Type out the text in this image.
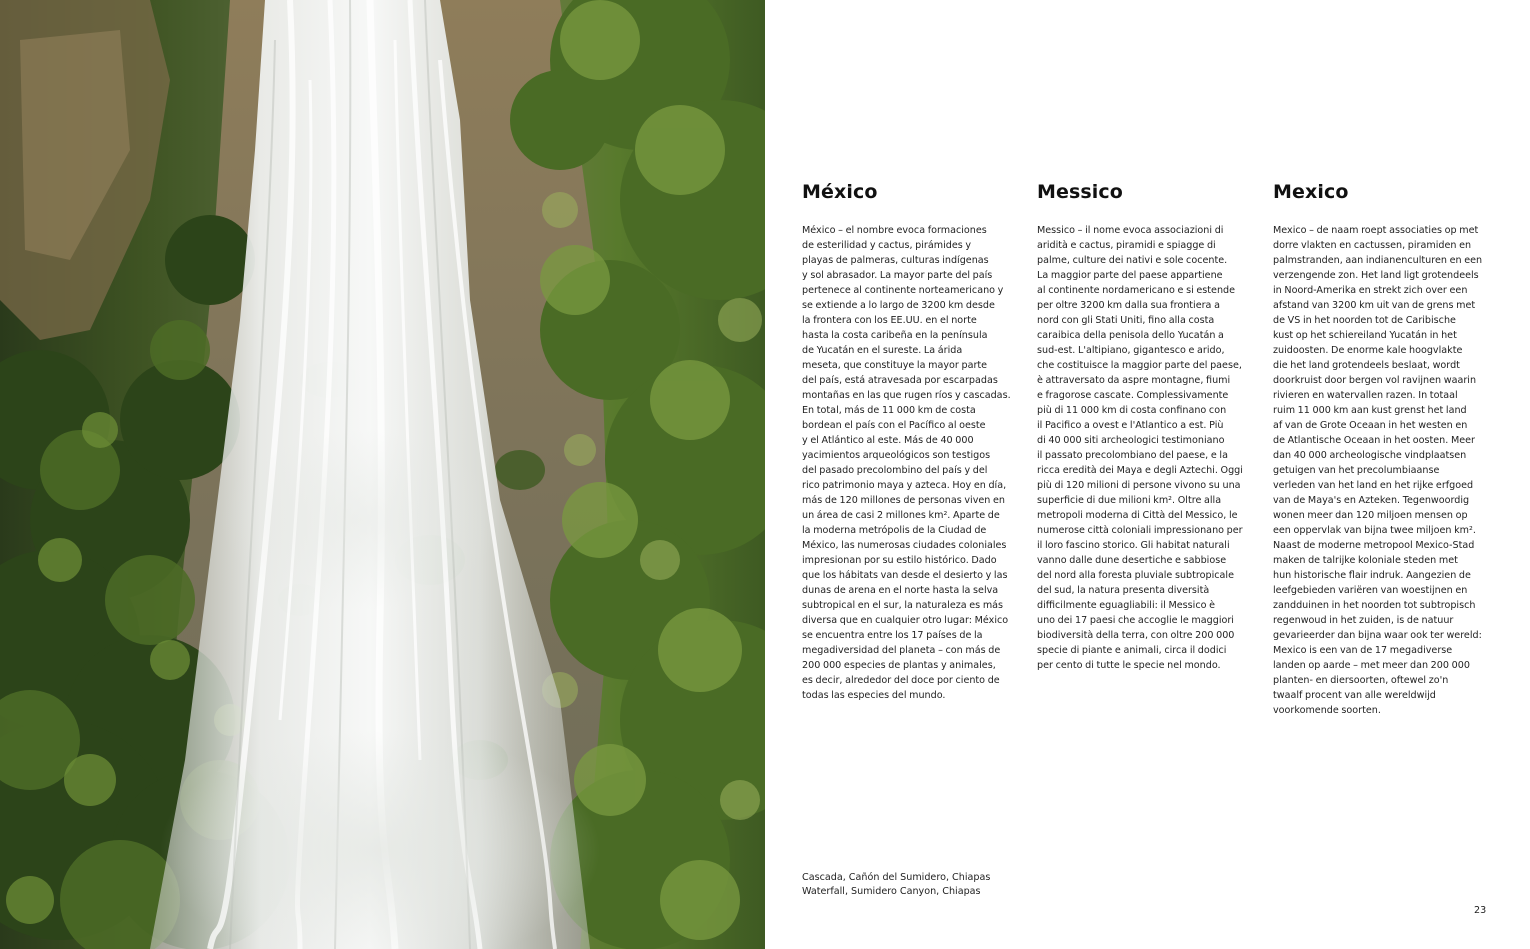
México

México – el nombre evoca formaciones
de esterilidad y cactus, pirámides y
playas de palmeras, culturas indígenas
y sol abrasador. La mayor parte del país
pertenece al continente norteamericano y
se extiende a lo largo de 3200 km desde
la frontera con los EE.UU. en el norte
hasta la costa caribeña en la península
de Yucatán en el sureste. La árida
meseta, que constituye la mayor parte
del país, está atravesada por escarpadas
montañas en las que rugen ríos y cascadas.
En total, más de 11 000 km de costa
bordean el país con el Pacífico al oeste
y el Atlántico al este. Más de 40 000
yacimientos arqueológicos son testigos
del pasado precolombino del país y del
rico patrimonio maya y azteca. Hoy en día,
más de 120 millones de personas viven en
un área de casi 2 millones km². Aparte de
la moderna metrópolis de la Ciudad de
México, las numerosas ciudades coloniales
impresionan por su estilo histórico. Dado
que los hábitats van desde el desierto y las
dunas de arena en el norte hasta la selva
subtropical en el sur, la naturaleza es más
diversa que en cualquier otro lugar: México
se encuentra entre los 17 países de la
megadiversidad del planeta – con más de
200 000 especies de plantas y animales,
es decir, alrededor del doce por ciento de
todas las especies del mundo.

Messico

Messico – il nome evoca associazioni di
aridità e cactus, piramidi e spiagge di
palme, culture dei nativi e sole cocente.
La maggior parte del paese appartiene
al continente nordamericano e si estende
per oltre 3200 km dalla sua frontiera a
nord con gli Stati Uniti, fino alla costa
caraibica della penisola dello Yucatán a
sud-est. L'altipiano, gigantesco e arido,
che costituisce la maggior parte del paese,
è attraversato da aspre montagne, fiumi
e fragorose cascate. Complessivamente
più di 11 000 km di costa confinano con
il Pacifico a ovest e l'Atlantico a est. Più
di 40 000 siti archeologici testimoniano
il passato precolombiano del paese, e la
ricca eredità dei Maya e degli Aztechi. Oggi
più di 120 milioni di persone vivono su una
superficie di due milioni km². Oltre alla
metropoli moderna di Città del Messico, le
numerose città coloniali impressionano per
il loro fascino storico. Gli habitat naturali
vanno dalle dune desertiche e sabbiose
del nord alla foresta pluviale subtropicale
del sud, la natura presenta diversità
difficilmente eguagliabili: il Messico è
uno dei 17 paesi che accoglie le maggiori
biodiversità della terra, con oltre 200 000
specie di piante e animali, circa il dodici
per cento di tutte le specie nel mondo.

Mexico

Mexico – de naam roept associaties op met
dorre vlakten en cactussen, piramiden en
palmstranden, aan indianenculturen en een
verzengende zon. Het land ligt grotendeels
in Noord-Amerika en strekt zich over een
afstand van 3200 km uit van de grens met
de VS in het noorden tot de Caribische
kust op het schiereiland Yucatán in het
zuidoosten. De enorme kale hoogvlakte
die het land grotendeels beslaat, wordt
doorkruist door bergen vol ravijnen waarin
rivieren en watervallen razen. In totaal
ruim 11 000 km aan kust grenst het land
af van de Grote Oceaan in het westen en
de Atlantische Oceaan in het oosten. Meer
dan 40 000 archeologische vindplaatsen
getuigen van het precolumbiaanse
verleden van het land en het rijke erfgoed
van de Maya's en Azteken. Tegenwoordig
wonen meer dan 120 miljoen mensen op
een oppervlak van bijna twee miljoen km².
Naast de moderne metropool Mexico-Stad
maken de talrijke koloniale steden met
hun historische flair indruk. Aangezien de
leefgebieden variëren van woestijnen en
zandduinen in het noorden tot subtropisch
regenwoud in het zuiden, is de natuur
gevarieerder dan bijna waar ook ter wereld:
Mexico is een van de 17 megadiverse
landen op aarde – met meer dan 200 000
planten- en diersoorten, oftewel zo'n
twaalf procent van alle wereldwijd
voorkomende soorten.

Cascada, Cañón del Sumidero, Chiapas
Waterfall, Sumidero Canyon, Chiapas
23
